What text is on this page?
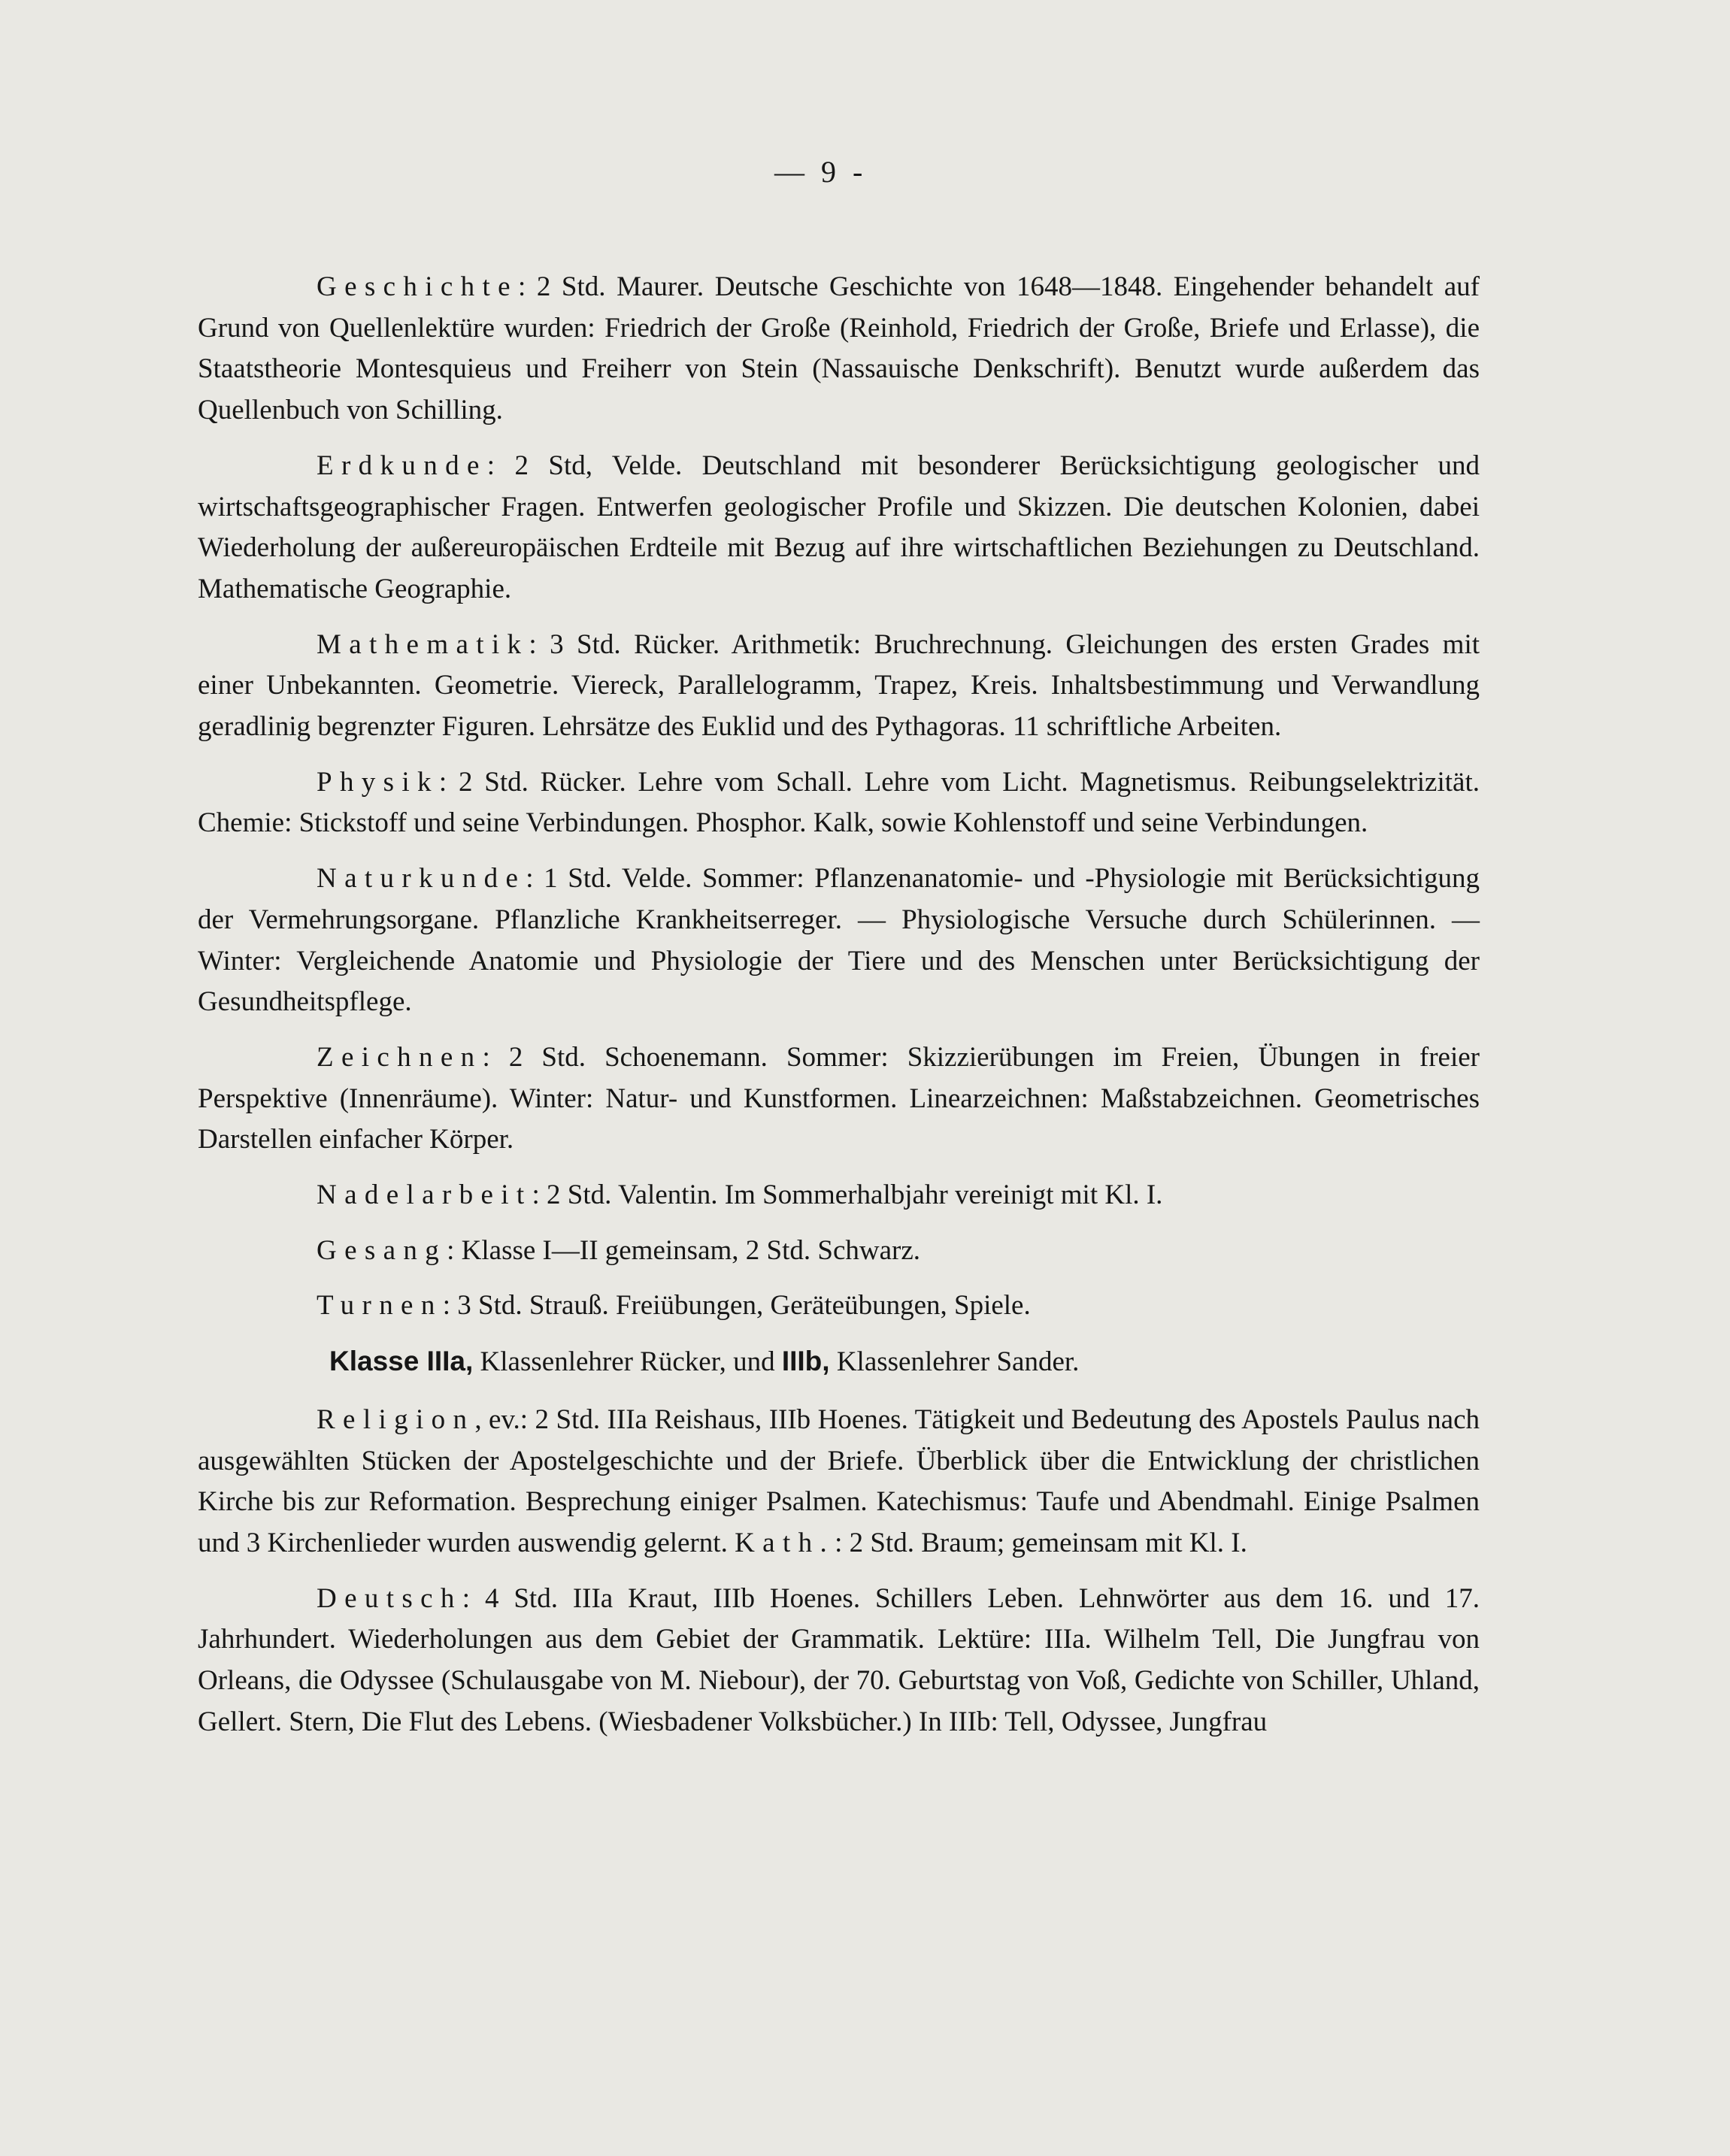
— 9 -

Geschichte: 2 Std. Maurer. Deutsche Geschichte von 1648—1848. Eingehender behandelt auf Grund von Quellenlektüre wurden: Friedrich der Große (Reinhold, Friedrich der Große, Briefe und Erlasse), die Staatstheorie Montesquieus und Freiherr von Stein (Nassauische Denkschrift). Benutzt wurde außerdem das Quellenbuch von Schilling.

Erdkunde: 2 Std, Velde. Deutschland mit besonderer Berücksichtigung geologischer und wirtschaftsgeographischer Fragen. Entwerfen geologischer Profile und Skizzen. Die deutschen Kolonien, dabei Wiederholung der außereuropäischen Erdteile mit Bezug auf ihre wirtschaftlichen Beziehungen zu Deutschland. Mathematische Geographie.

Mathematik: 3 Std. Rücker. Arithmetik: Bruchrechnung. Gleichungen des ersten Grades mit einer Unbekannten. Geometrie. Viereck, Parallelogramm, Trapez, Kreis. Inhaltsbestimmung und Verwandlung geradlinig begrenzter Figuren. Lehrsätze des Euklid und des Pythagoras. 11 schriftliche Arbeiten.

Physik: 2 Std. Rücker. Lehre vom Schall. Lehre vom Licht. Magnetismus. Reibungselektrizität. Chemie: Stickstoff und seine Verbindungen. Phosphor. Kalk, sowie Kohlenstoff und seine Verbindungen.

Naturkunde: 1 Std. Velde. Sommer: Pflanzenanatomie- und -Physiologie mit Berücksichtigung der Vermehrungsorgane. Pflanzliche Krankheitserreger. — Physiologische Versuche durch Schülerinnen. — Winter: Vergleichende Anatomie und Physiologie der Tiere und des Menschen unter Berücksichtigung der Gesundheitspflege.

Zeichnen: 2 Std. Schoenemann. Sommer: Skizzierübungen im Freien, Übungen in freier Perspektive (Innenräume). Winter: Natur- und Kunstformen. Linearzeichnen: Maßstabzeichnen. Geometrisches Darstellen einfacher Körper.

Nadelarbeit: 2 Std. Valentin. Im Sommerhalbjahr vereinigt mit Kl. I.

Gesang: Klasse I—II gemeinsam, 2 Std. Schwarz.

Turnen: 3 Std. Strauß. Freiübungen, Geräteübungen, Spiele.

Klasse IIIa, Klassenlehrer Rücker, und IIIb, Klassenlehrer Sander.

Religion, ev.: 2 Std. IIIa Reishaus, IIIb Hoenes. Tätigkeit und Bedeutung des Apostels Paulus nach ausgewählten Stücken der Apostelgeschichte und der Briefe. Überblick über die Entwicklung der christlichen Kirche bis zur Reformation. Besprechung einiger Psalmen. Katechismus: Taufe und Abendmahl. Einige Psalmen und 3 Kirchenlieder wurden auswendig gelernt. Kath.: 2 Std. Braum; gemeinsam mit Kl. I.

Deutsch: 4 Std. IIIa Kraut, IIIb Hoenes. Schillers Leben. Lehnwörter aus dem 16. und 17. Jahrhundert. Wiederholungen aus dem Gebiet der Grammatik. Lektüre: IIIa. Wilhelm Tell, Die Jungfrau von Orleans, die Odyssee (Schulausgabe von M. Niebour), der 70. Geburtstag von Voß, Gedichte von Schiller, Uhland, Gellert. Stern, Die Flut des Lebens. (Wiesbadener Volksbücher.) In IIIb: Tell, Odyssee, Jungfrau
